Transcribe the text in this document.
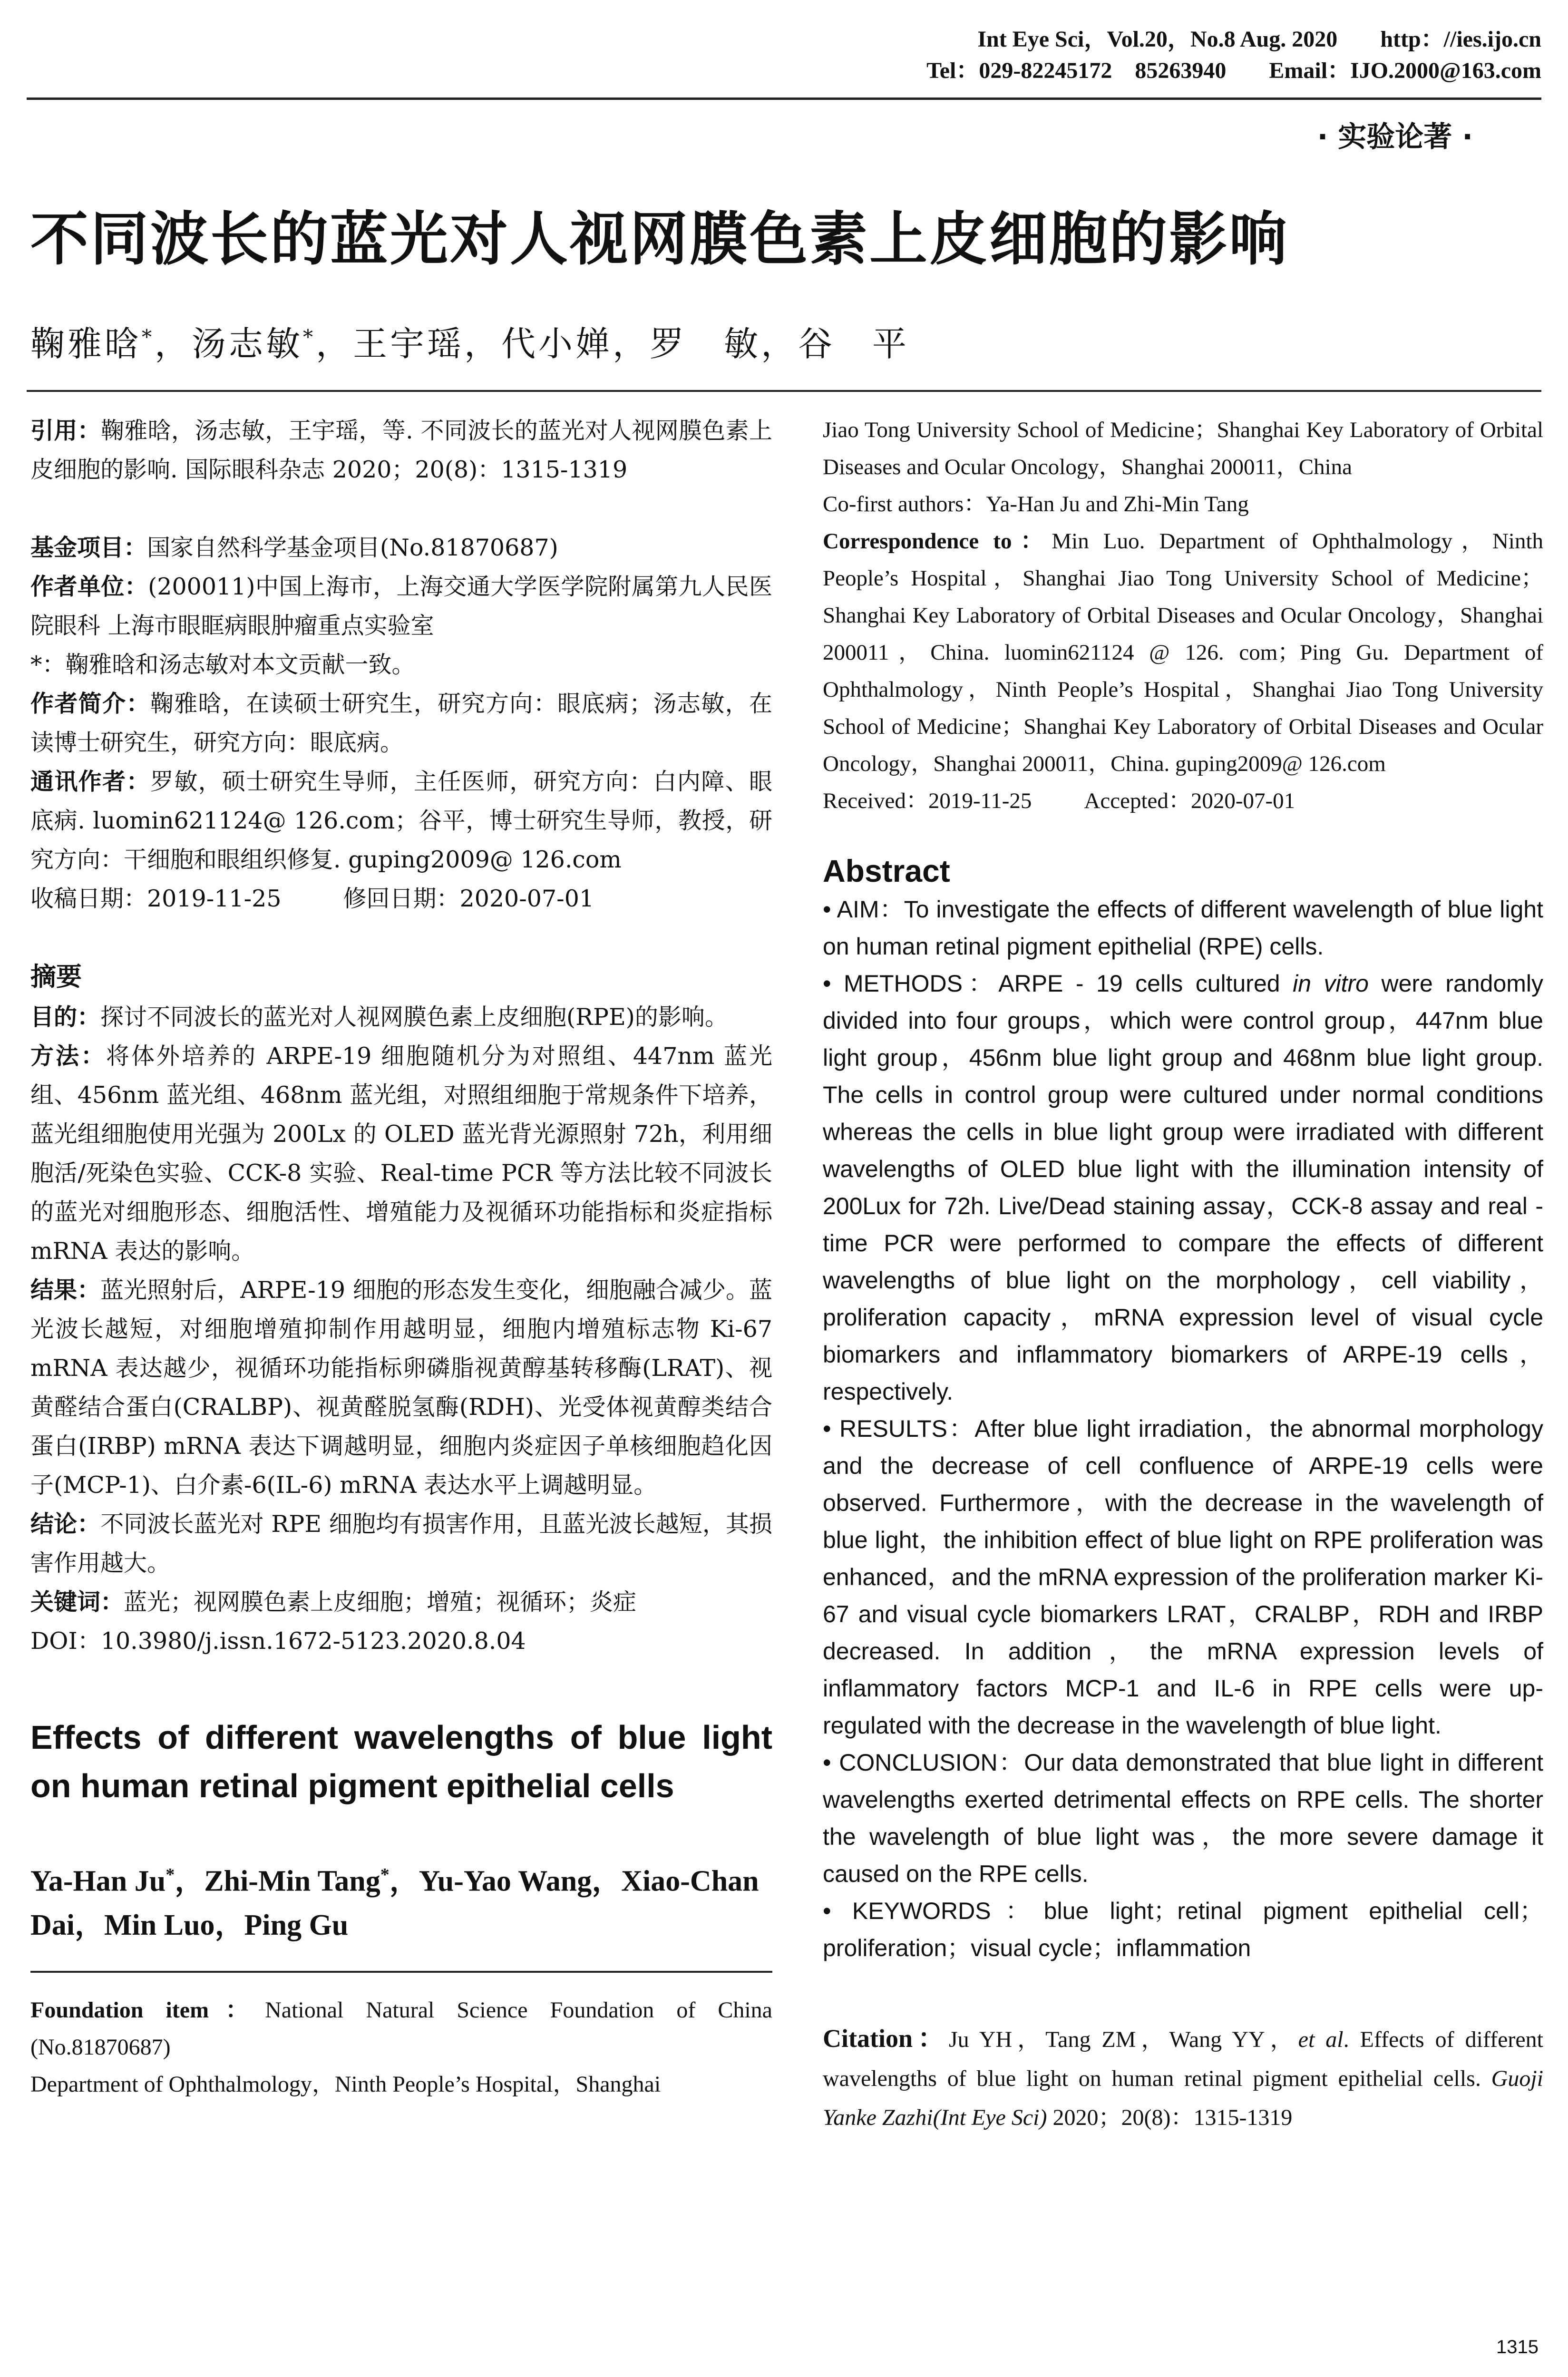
Int Eye Sci，Vol.20，No.8 Aug. 2020 http：//ies.ijo.cn
Tel：029-82245172　85263940 Email：IJO.2000@163.com
· 实验论著 ·
不同波长的蓝光对人视网膜色素上皮细胞的影响
鞠雅晗*，汤志敏*，王宇瑶，代小婵，罗　敏，谷　平

引用：鞠雅晗，汤志敏，王宇瑶，等. 不同波长的蓝光对人视网膜色素上皮细胞的影响. 国际眼科杂志 2020；20(8)：1315-1319

基金项目：国家自然科学基金项目(No.81870687)

作者单位：(200011)中国上海市，上海交通大学医学院附属第九人民医院眼科 上海市眼眶病眼肿瘤重点实验室

*：鞠雅晗和汤志敏对本文贡献一致。

作者简介：鞠雅晗，在读硕士研究生，研究方向：眼底病；汤志敏，在读博士研究生，研究方向：眼底病。

通讯作者：罗敏，硕士研究生导师，主任医师，研究方向：白内障、眼底病. luomin621124@ 126.com；谷平，博士研究生导师，教授，研究方向：干细胞和眼组织修复. guping2009@ 126.com

收稿日期：2019-11-25	修回日期：2020-07-01

摘要

目的：探讨不同波长的蓝光对人视网膜色素上皮细胞(RPE)的影响。

方法：将体外培养的 ARPE-19 细胞随机分为对照组、447nm 蓝光组、456nm 蓝光组、468nm 蓝光组，对照组细胞于常规条件下培养，蓝光组细胞使用光强为 200Lx 的 OLED 蓝光背光源照射 72h，利用细胞活/死染色实验、CCK-8 实验、Real-time PCR 等方法比较不同波长的蓝光对细胞形态、细胞活性、增殖能力及视循环功能指标和炎症指标 mRNA 表达的影响。

结果：蓝光照射后，ARPE-19 细胞的形态发生变化，细胞融合减少。蓝光波长越短，对细胞增殖抑制作用越明显，细胞内增殖标志物 Ki-67 mRNA 表达越少，视循环功能指标卵磷脂视黄醇基转移酶(LRAT)、视黄醛结合蛋白(CRALBP)、视黄醛脱氢酶(RDH)、光受体视黄醇类结合蛋白(IRBP) mRNA 表达下调越明显，细胞内炎症因子单核细胞趋化因子(MCP-1)、白介素-6(IL-6) mRNA 表达水平上调越明显。

结论：不同波长蓝光对 RPE 细胞均有损害作用，且蓝光波长越短，其损害作用越大。

关键词：蓝光；视网膜色素上皮细胞；增殖；视循环；炎症

DOI：10.3980/j.issn.1672-5123.2020.8.04

Effects of different wavelengths of blue light on human retinal pigment epithelial cells
Ya-Han Ju*，Zhi-Min Tang*，Yu-Yao Wang，Xiao-Chan Dai，Min Luo，Ping Gu

Foundation item：National Natural Science Foundation of China (No.81870687)

Department of Ophthalmology，Ninth People’s Hospital，Shanghai

Jiao Tong University School of Medicine；Shanghai Key Laboratory of Orbital Diseases and Ocular Oncology，Shanghai 200011，China

Co-first authors：Ya-Han Ju and Zhi-Min Tang

Correspondence to：Min Luo. Department of Ophthalmology，Ninth People’s Hospital，Shanghai Jiao Tong University School of Medicine；Shanghai Key Laboratory of Orbital Diseases and Ocular Oncology，Shanghai 200011，China. luomin621124 @ 126. com；Ping Gu. Department of Ophthalmology，Ninth People’s Hospital，Shanghai Jiao Tong University School of Medicine；Shanghai Key Laboratory of Orbital Diseases and Ocular Oncology，Shanghai 200011，China. guping2009@ 126.com

Received：2019-11-25 Accepted：2020-07-01

Abstract

• AIM：To investigate the effects of different wavelength of blue light on human retinal pigment epithelial (RPE) cells.

• METHODS：ARPE - 19 cells cultured in vitro were randomly divided into four groups，which were control group，447nm blue light group，456nm blue light group and 468nm blue light group. The cells in control group were cultured under normal conditions whereas the cells in blue light group were irradiated with different wavelengths of OLED blue light with the illumination intensity of 200Lux for 72h. Live/Dead staining assay，CCK-8 assay and real - time PCR were performed to compare the effects of different wavelengths of blue light on the morphology，cell viability，proliferation capacity，mRNA expression level of visual cycle biomarkers and inflammatory biomarkers of ARPE-19 cells，respectively.

• RESULTS：After blue light irradiation，the abnormal morphology and the decrease of cell confluence of ARPE-19 cells were observed. Furthermore，with the decrease in the wavelength of blue light，the inhibition effect of blue light on RPE proliferation was enhanced，and the mRNA expression of the proliferation marker Ki-67 and visual cycle biomarkers LRAT，CRALBP，RDH and IRBP decreased. In addition，the mRNA expression levels of inflammatory factors MCP-1 and IL-6 in RPE cells were up-regulated with the decrease in the wavelength of blue light.

• CONCLUSION：Our data demonstrated that blue light in different wavelengths exerted detrimental effects on RPE cells. The shorter the wavelength of blue light was，the more severe damage it caused on the RPE cells.

• KEYWORDS：blue light；retinal pigment epithelial cell；proliferation；visual cycle；inflammation

Citation：Ju YH，Tang ZM，Wang YY，et al. Effects of different wavelengths of blue light on human retinal pigment epithelial cells. Guoji Yanke Zazhi(Int Eye Sci) 2020；20(8)：1315-1319

1315
